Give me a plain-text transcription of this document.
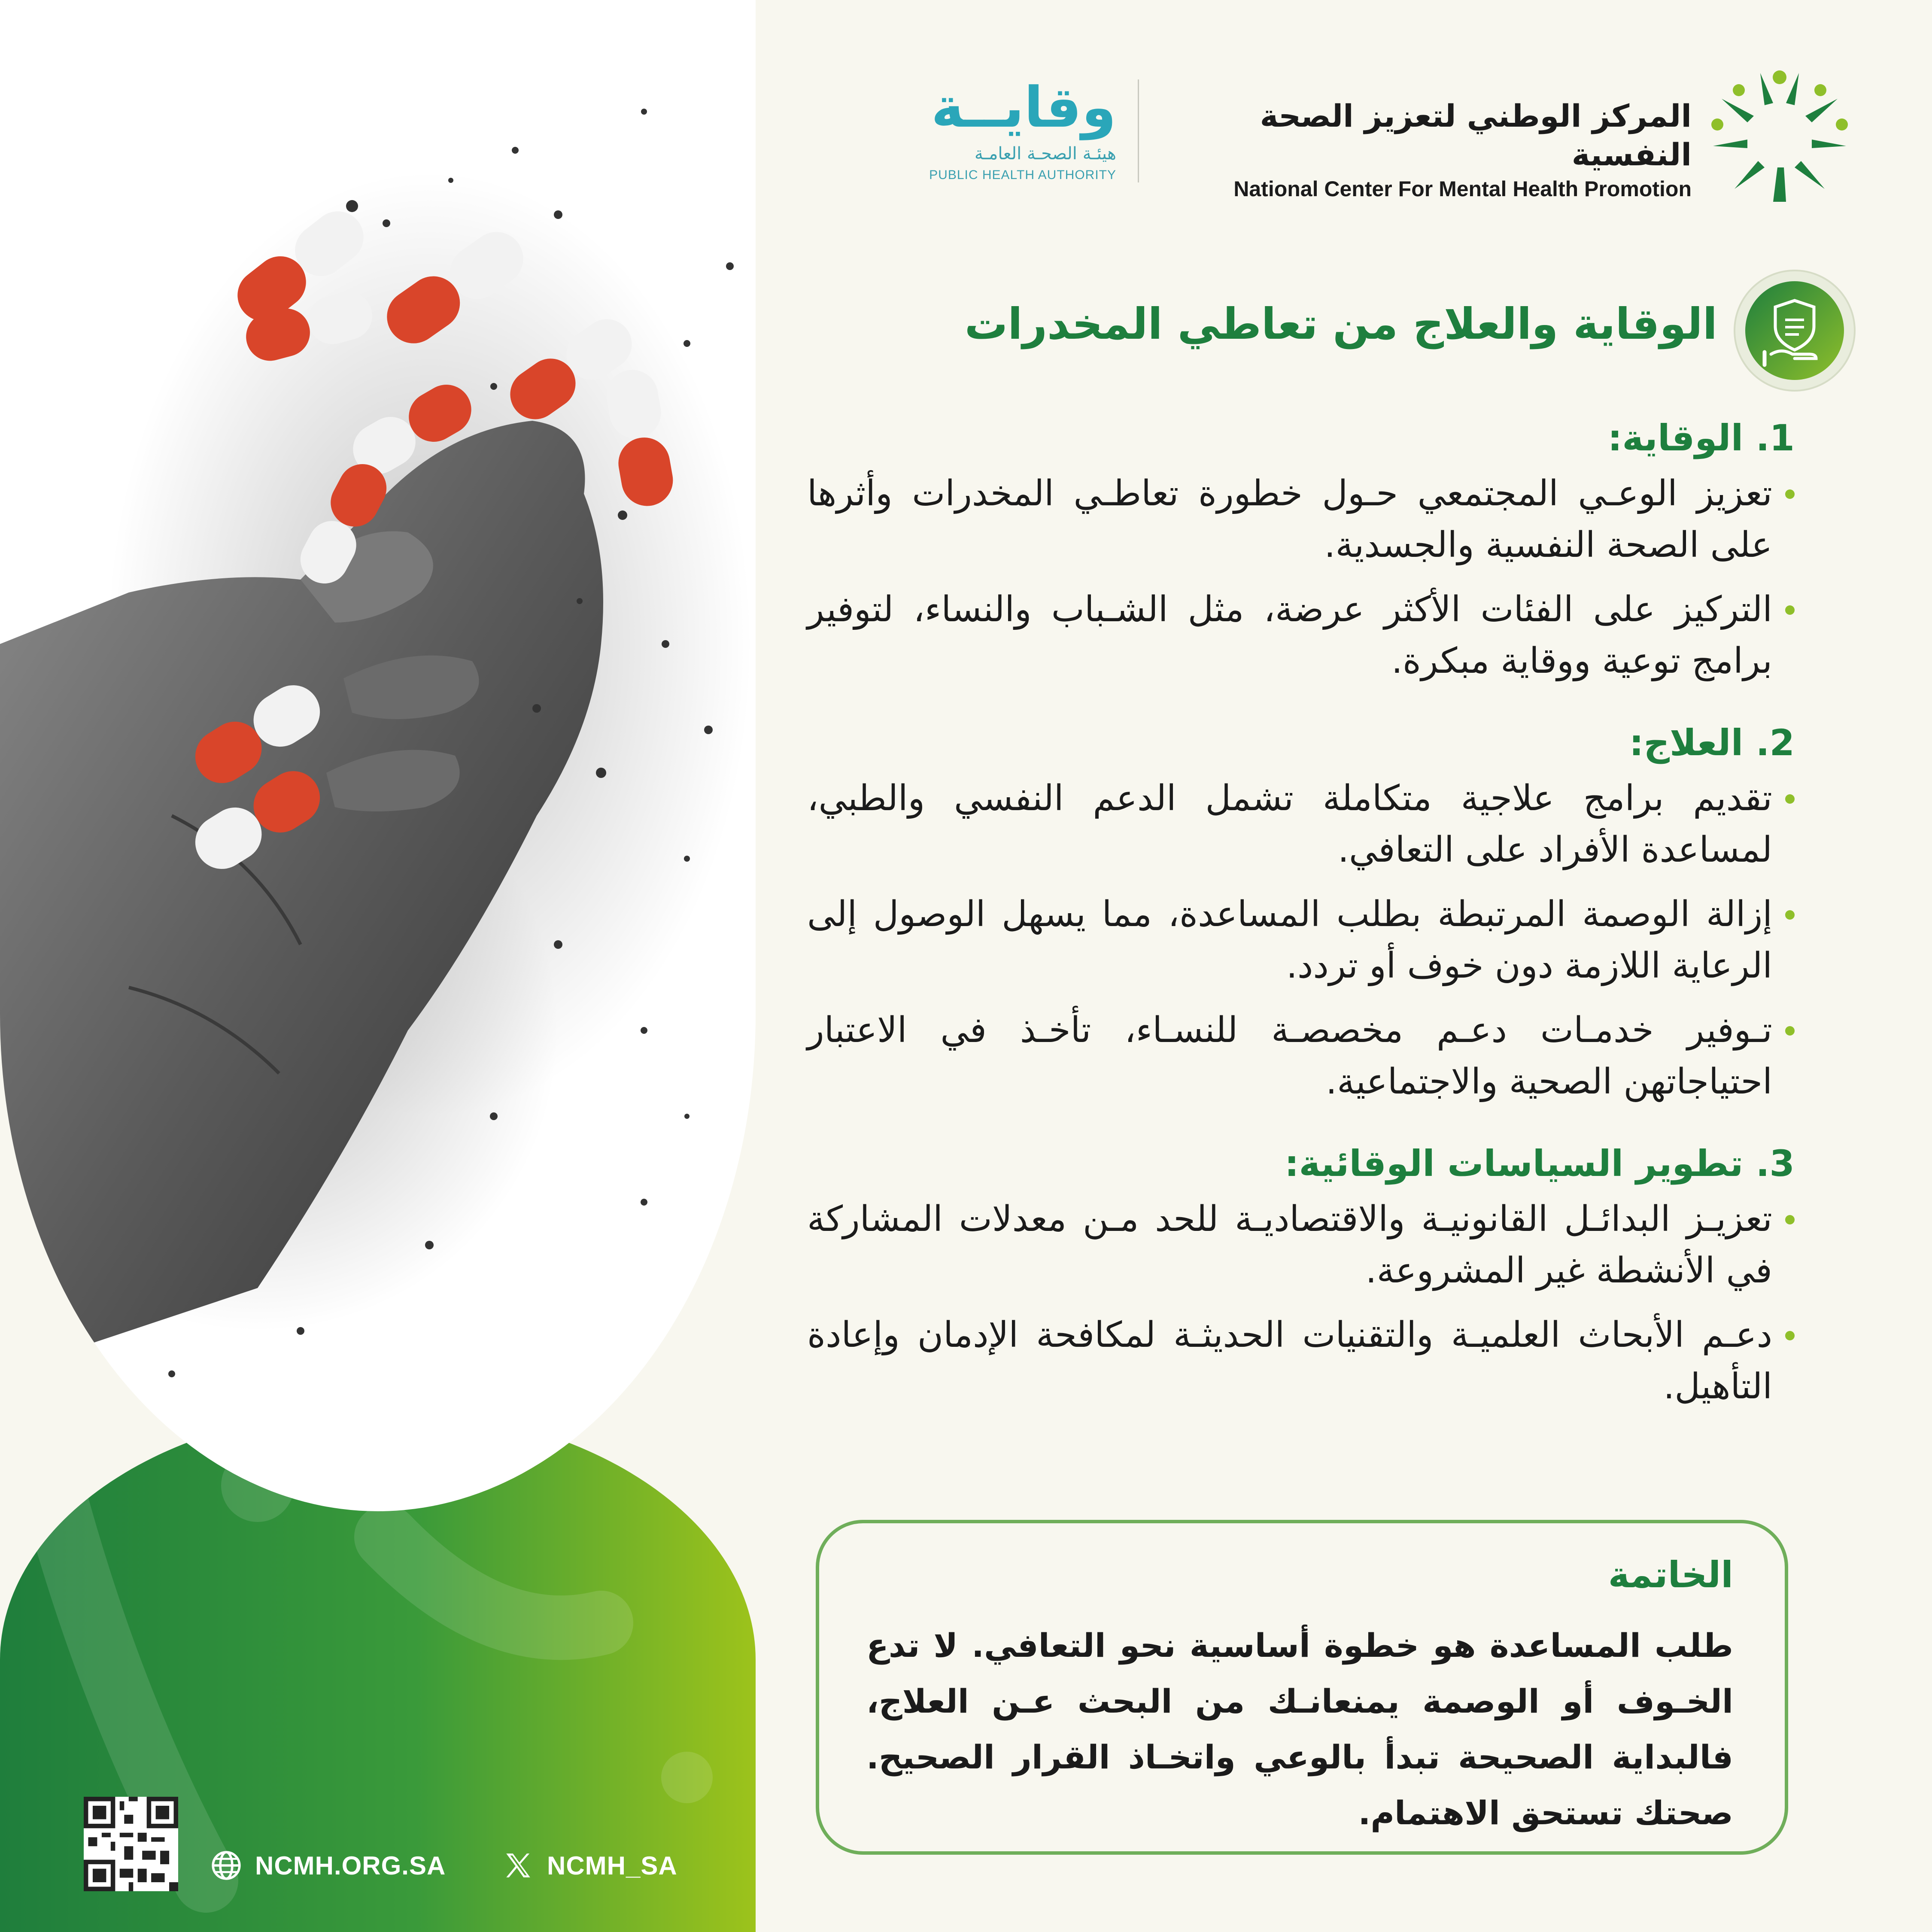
NCMH.ORG.SA	NCMH_SA
المركز الوطني لتعزيز الصحة النفسية
National Center For Mental Health Promotion
وقايــة
هيئـة الصحـة العامـة
PUBLIC HEALTH AUTHORITY
الوقاية والعلاج من تعاطي المخدرات
1. الوقاية:
تعزيز الوعـي المجتمعي حـول خطورة تعاطـي المخدرات وأثرها على الصحة النفسية والجسدية.
التركيز على الفئات الأكثر عرضة، مثل الشـباب والنساء، لتوفير برامج توعية ووقاية مبكرة.
2. العلاج:
تقديم برامج علاجية متكاملة تشمل الدعم النفسي والطبي، لمساعدة الأفراد على التعافي.
إزالة الوصمة المرتبطة بطلب المساعدة، مما يسهل الوصول إلى الرعاية اللازمة دون خوف أو تردد.
تـوفير خدمـات دعـم مخصصـة للنسـاء، تأخـذ في الاعتبار احتياجاتهن الصحية والاجتماعية.
3. تطوير السياسات الوقائية:
تعزيـز البدائـل القانونيـة والاقتصاديـة للحد مـن معدلات المشاركة في الأنشطة غير المشروعة.
دعـم الأبحاث العلميـة والتقنيات الحديثـة لمكافحة الإدمان وإعادة التأهيل.
الخاتمة
طلب المساعدة هو خطوة أساسية نحو التعافي. لا تدع الخـوف أو الوصمة يمنعانـك من البحث عـن العلاج، فالبداية الصحيحة تبدأ بالوعي واتخـاذ القرار الصحيح. صحتك تستحق الاهتمام.
